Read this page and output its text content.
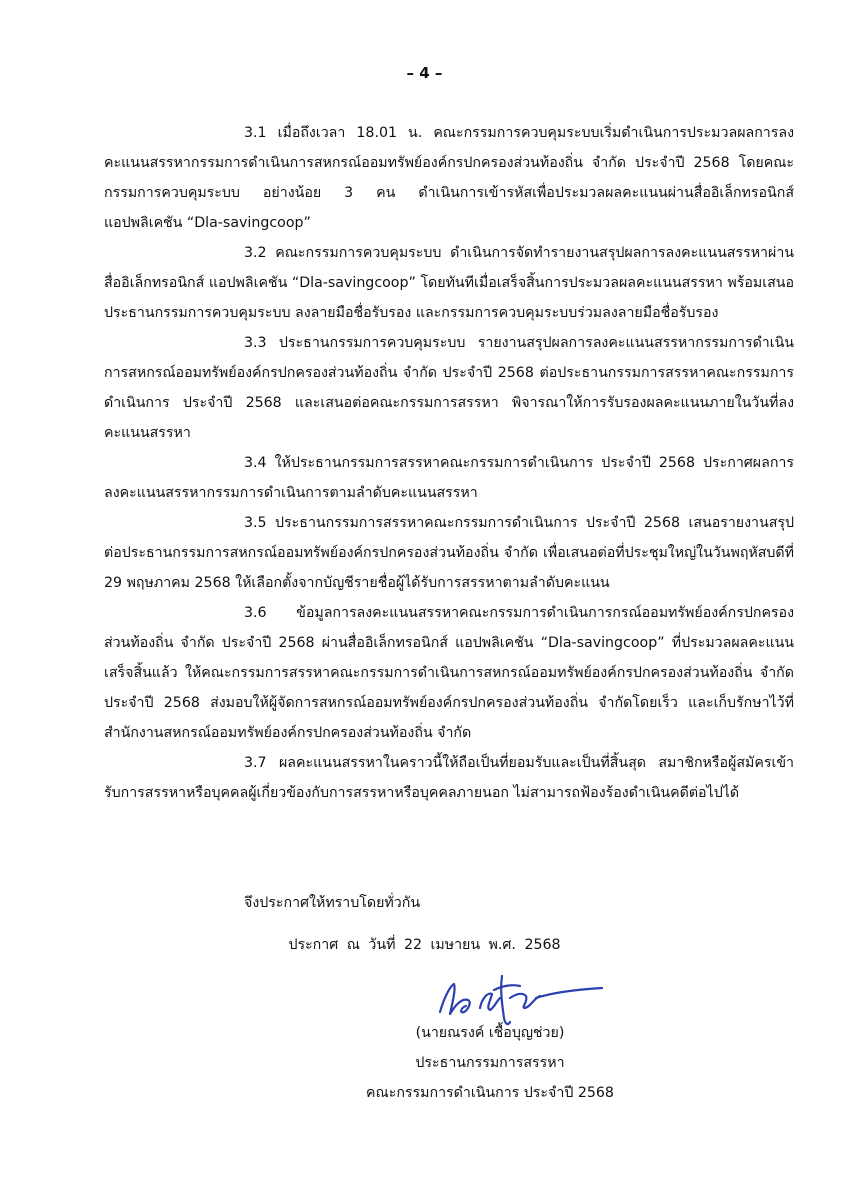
– 4 –

3.1 เมื่อถึงเวลา 18.01 น. คณะกรรมการควบคุมระบบเริ่มดำเนินการประมวลผลการลงคะแนนสรรหากรรมการดำเนินการสหกรณ์ออมทรัพย์องค์กรปกครองส่วนท้องถิ่น จำกัด ประจำปี 2568 โดยคณะกรรมการควบคุมระบบ อย่างน้อย 3 คน ดำเนินการเข้ารหัสเพื่อประมวลผลคะแนนผ่านสื่ออิเล็กทรอนิกส์ แอปพลิเคชัน “Dla-savingcoop”

3.2 คณะกรรมการควบคุมระบบ ดำเนินการจัดทำรายงานสรุปผลการลงคะแนนสรรหาผ่านสื่ออิเล็กทรอนิกส์ แอปพลิเคชัน “Dla-savingcoop” โดยทันทีเมื่อเสร็จสิ้นการประมวลผลคะแนนสรรหา พร้อมเสนอประธานกรรมการควบคุมระบบ ลงลายมือชื่อรับรอง และกรรมการควบคุมระบบร่วมลงลายมือชื่อรับรอง

3.3 ประธานกรรมการควบคุมระบบ รายงานสรุปผลการลงคะแนนสรรหากรรมการดำเนินการสหกรณ์ออมทรัพย์องค์กรปกครองส่วนท้องถิ่น จำกัด ประจำปี 2568 ต่อประธานกรรมการสรรหาคณะกรรมการดำเนินการ ประจำปี 2568 และเสนอต่อคณะกรรมการสรรหา พิจารณาให้การรับรองผลคะแนนภายในวันที่ลงคะแนนสรรหา

3.4 ให้ประธานกรรมการสรรหาคณะกรรมการดำเนินการ ประจำปี 2568 ประกาศผลการลงคะแนนสรรหากรรมการดำเนินการตามลำดับคะแนนสรรหา

3.5 ประธานกรรมการสรรหาคณะกรรมการดำเนินการ ประจำปี 2568 เสนอรายงานสรุปต่อประธานกรรมการสหกรณ์ออมทรัพย์องค์กรปกครองส่วนท้องถิ่น จำกัด เพื่อเสนอต่อที่ประชุมใหญ่ในวันพฤหัสบดีที่ 29 พฤษภาคม 2568 ให้เลือกตั้งจากบัญชีรายชื่อผู้ได้รับการสรรหาตามลำดับคะแนน

3.6 ข้อมูลการลงคะแนนสรรหาคณะกรรมการดำเนินการกรณ์ออมทรัพย์องค์กรปกครองส่วนท้องถิ่น จำกัด ประจำปี 2568 ผ่านสื่ออิเล็กทรอนิกส์ แอปพลิเคชัน “Dla-savingcoop” ที่ประมวลผลคะแนนเสร็จสิ้นแล้ว ให้คณะกรรมการสรรหาคณะกรรมการดำเนินการสหกรณ์ออมทรัพย์องค์กรปกครองส่วนท้องถิ่น จำกัด ประจำปี 2568 ส่งมอบให้ผู้จัดการสหกรณ์ออมทรัพย์องค์กรปกครองส่วนท้องถิ่น จำกัดโดยเร็ว และเก็บรักษาไว้ที่สำนักงานสหกรณ์ออมทรัพย์องค์กรปกครองส่วนท้องถิ่น จำกัด

3.7 ผลคะแนนสรรหาในคราวนี้ให้ถือเป็นที่ยอมรับและเป็นที่สิ้นสุด สมาชิกหรือผู้สมัครเข้ารับการสรรหาหรือบุคคลผู้เกี่ยวข้องกับการสรรหาหรือบุคคลภายนอก ไม่สามารถฟ้องร้องดำเนินคดีต่อไปได้

จึงประกาศให้ทราบโดยทั่วกัน
ประกาศ ณ วันที่ 22 เมษายน พ.ศ. 2568
(นายณรงค์ เชื้อบุญช่วย)
ประธานกรรมการสรรหา
คณะกรรมการดำเนินการ ประจำปี 2568
